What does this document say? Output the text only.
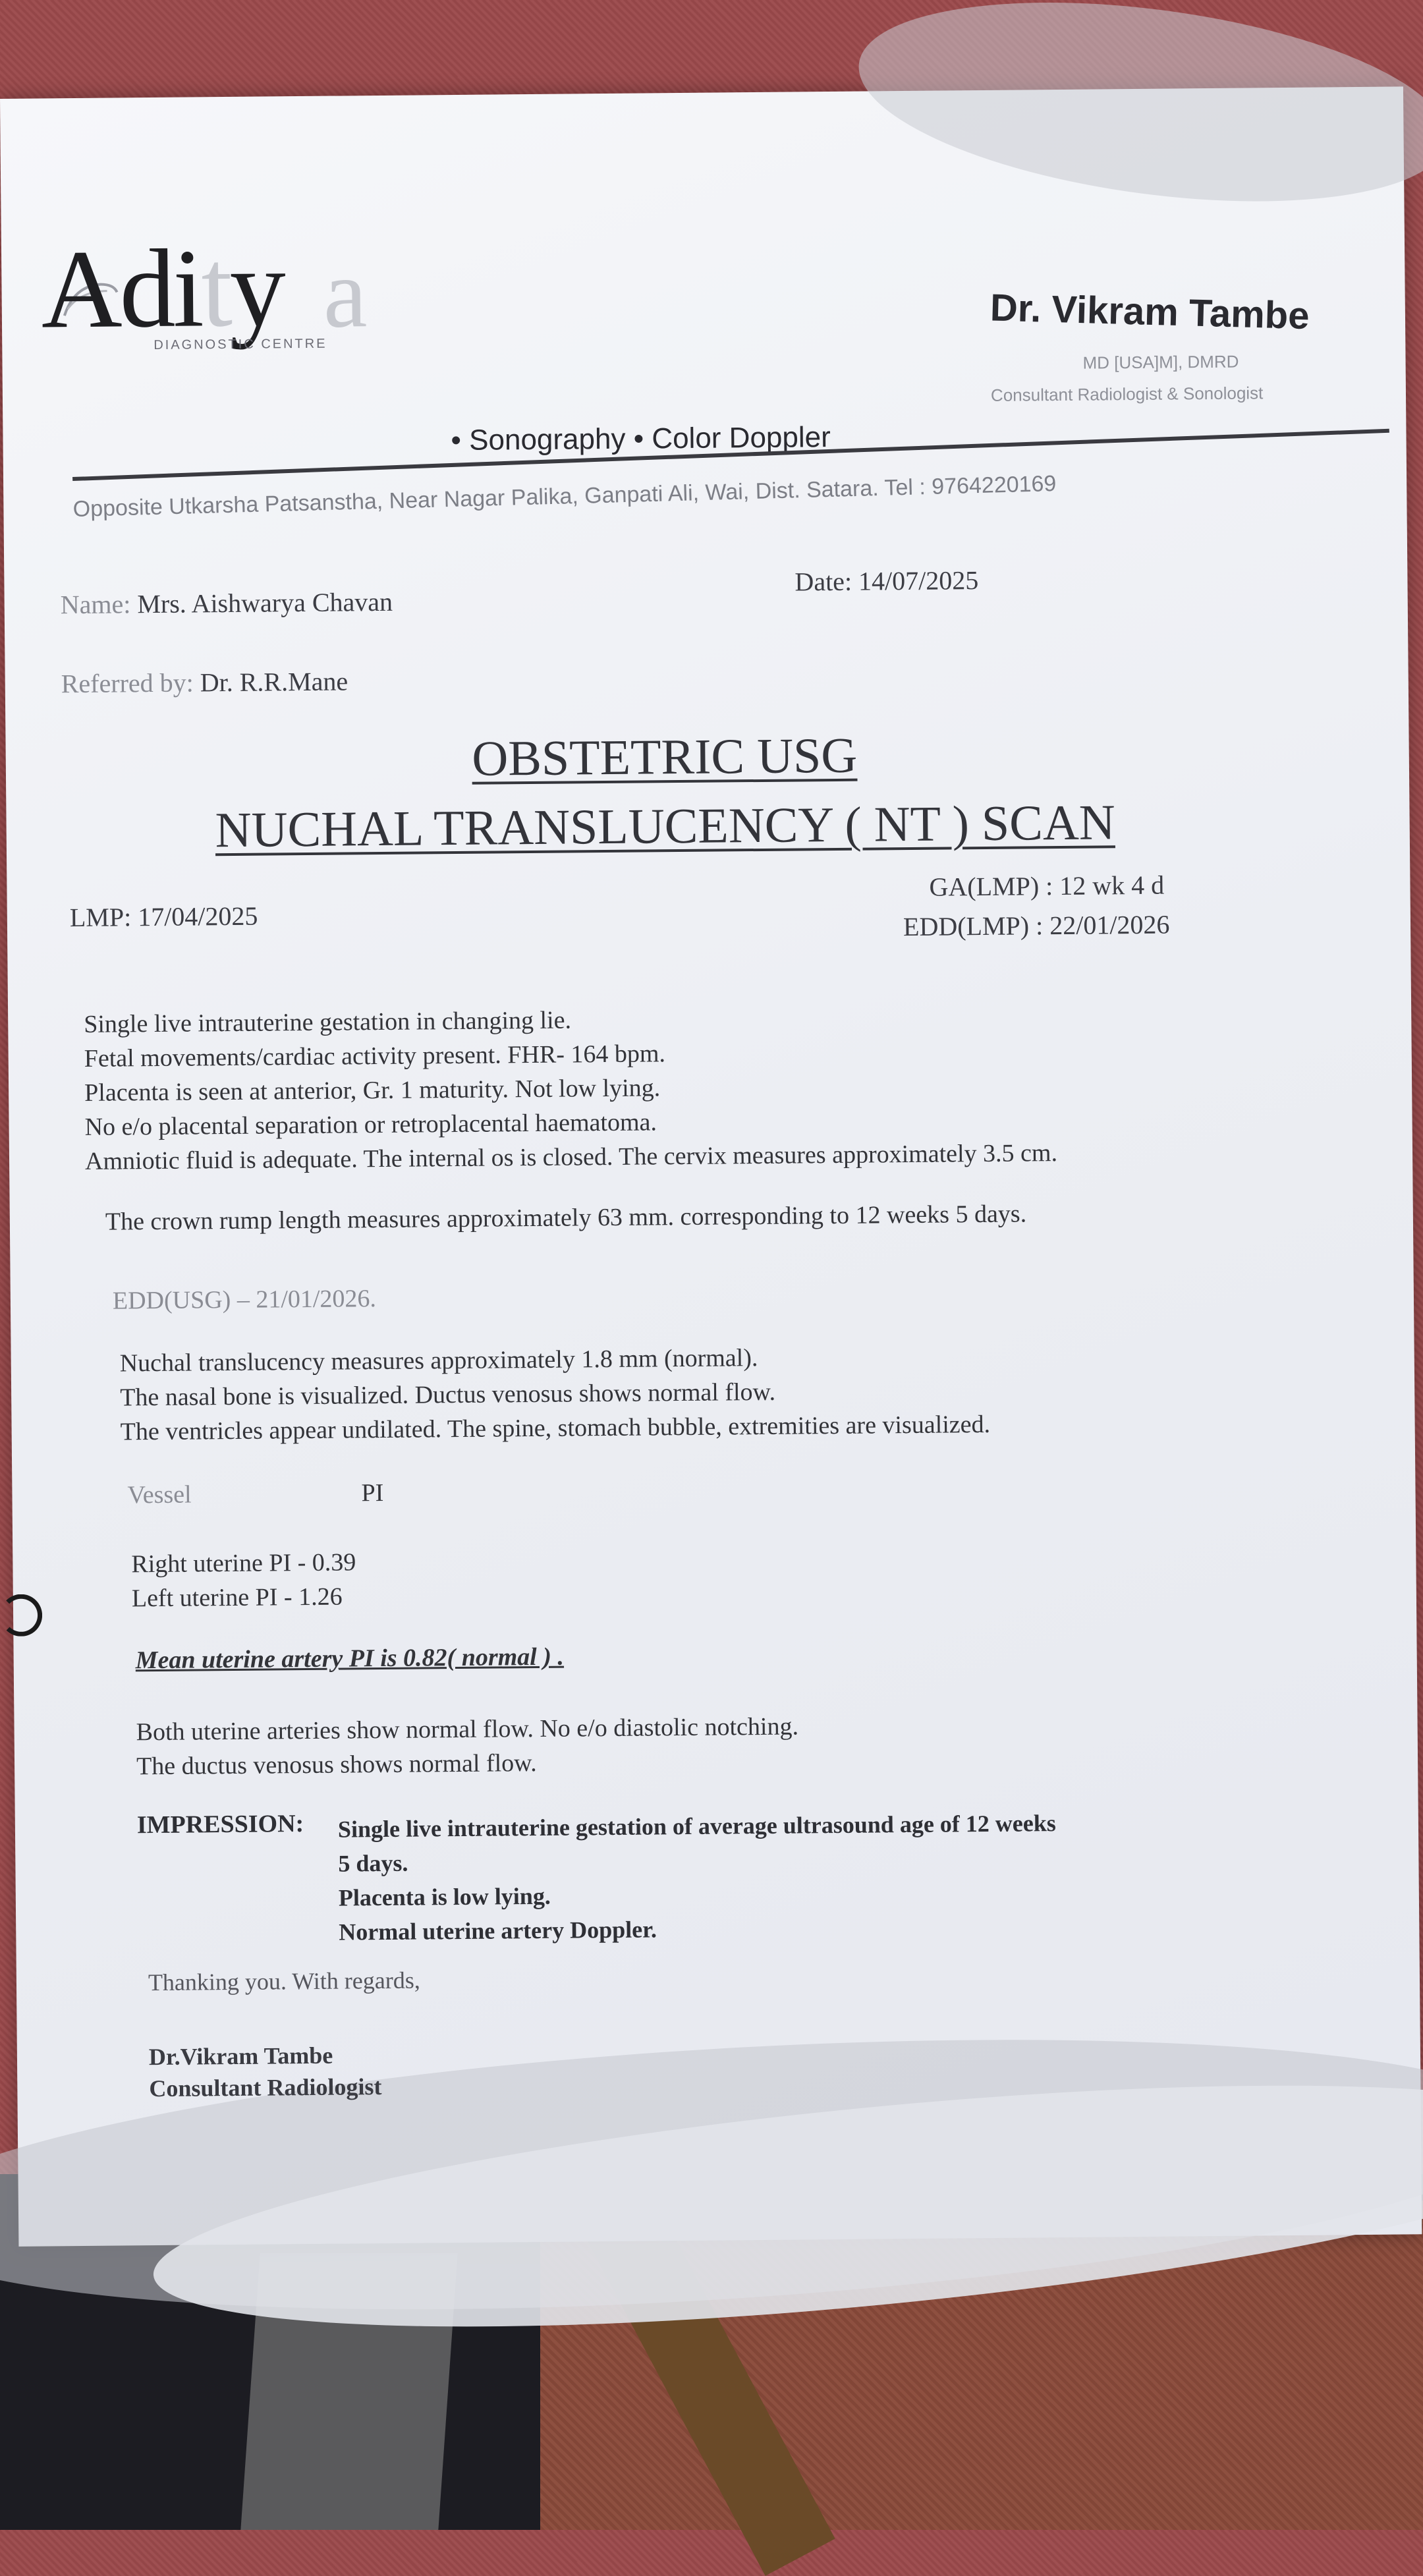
Adity a
DIAGNOSTIC CENTRE
• Sonography • Color Doppler
Dr. Vikram Tambe
MD [USA]M], DMRD
Consultant Radiologist & Sonologist
Opposite Utkarsha Patsanstha, Near Nagar Palika, Ganpati Ali, Wai, Dist. Satara. Tel : 9764220169
Name: Mrs. Aishwarya Chavan
Date: 14/07/2025
Referred by: Dr. R.R.Mane
OBSTETRIC USG
NUCHAL TRANSLUCENCY ( NT ) SCAN
LMP: 17/04/2025
GA(LMP) : 12 wk 4 d
EDD(LMP) : 22/01/2026
Single live intrauterine gestation in changing lie.
Fetal movements/cardiac activity present. FHR- 164 bpm.
Placenta is seen at anterior, Gr. 1 maturity. Not low lying.
No e/o placental separation or retroplacental haematoma.
Amniotic fluid is adequate. The internal os is closed. The cervix measures approximately 3.5 cm.
The crown rump length measures approximately 63 mm. corresponding to 12 weeks 5 days.
EDD(USG) – 21/01/2026.
Nuchal translucency measures approximately 1.8 mm (normal).
The nasal bone is visualized. Ductus venosus shows normal flow.
The ventricles appear undilated. The spine, stomach bubble, extremities are visualized.
Vessel	PI
Right uterine PI - 0.39
Left uterine PI - 1.26
Mean uterine artery PI is 0.82( normal ) .
Both uterine arteries show normal flow. No e/o diastolic notching.
The ductus venosus shows normal flow.
IMPRESSION: Single live intrauterine gestation of average ultrasound age of 12 weeks
5 days.
Placenta is low lying.
Normal uterine artery Doppler.
Thanking you. With regards,
Dr.Vikram Tambe
Consultant Radiologist
